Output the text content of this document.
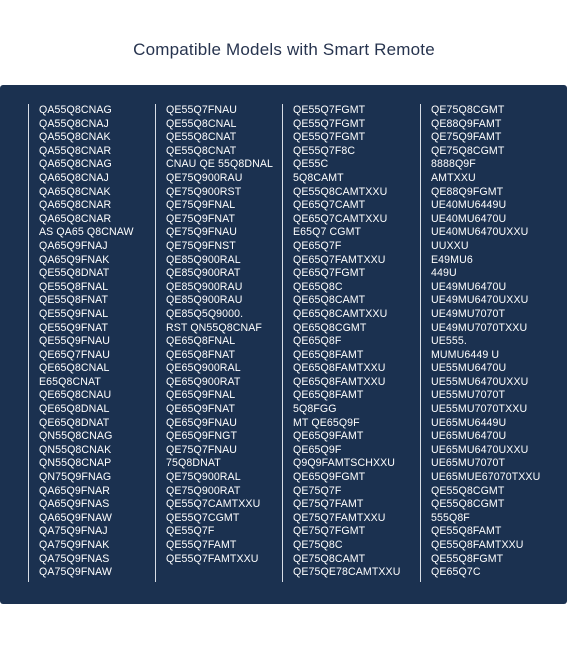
Compatible Models with Smart Remote
QA55Q8CNAG
QA55Q8CNAJ
QA55Q8CNAK
QA55Q8CNAR
QA65Q8CNAG
QA65Q8CNAJ
QA65Q8CNAK
QA65Q8CNAR
QA65Q8CNAR
AS QA65 Q8CNAW
QA65Q9FNAJ
QA65Q9FNAK
QE55Q8DNAT
QE55Q8FNAL
QE55Q8FNAT
QE55Q9FNAL
QE55Q9FNAT
QE55Q9FNAU
QE65Q7FNAU
QE65Q8CNAL
E65Q8CNAT
QE65Q8CNAU
QE65Q8DNAL
QE65Q8DNAT
QN55Q8CNAG
QN55Q8CNAK
QN55Q8CNAP
QN75Q9FNAG
QA65Q9FNAR
QA65Q9FNAS
QA65Q9FNAW
QA75Q9FNAJ
QA75Q9FNAK
QA75Q9FNAS
QA75Q9FNAW
QE55Q7FNAU
QE55Q8CNAL
QE55Q8CNAT
QE55Q8CNAT
CNAU QE 55Q8DNAL
QE75Q900RAU
QE75Q900RST
QE75Q9FNAL
QE75Q9FNAT
QE75Q9FNAU
QE75Q9FNST
QE85Q900RAL
QE85Q900RAT
QE85Q900RAU
QE85Q900RAU
QE85Q5Q9000.
RST QN55Q8CNAF
QE65Q8FNAL
QE65Q8FNAT
QE65Q900RAL
QE65Q900RAT
QE65Q9FNAL
QE65Q9FNAT
QE65Q9FNAU
QE65Q9FNGT
QE75Q7FNAU
75Q8DNAT
QE75Q900RAL
QE75Q900RAT
QE55Q7CAMTXXU
QE55Q7CGMT
QE55Q7F
QE55Q7FAMT
QE55Q7FAMTXXU
QE55Q7FGMT
QE55Q7FGMT
QE55Q7FGMT
QE55Q7F8C
QE55C
5Q8CAMT
QE55Q8CAMTXXU
QE65Q7CAMT
QE65Q7CAMTXXU
E65Q7 CGMT
QE65Q7F
QE65Q7FAMTXXU
QE65Q7FGMT
QE65Q8C
QE65Q8CAMT
QE65Q8CAMTXXU
QE65Q8CGMT
QE65Q8F
QE65Q8FAMT
QE65Q8FAMTXXU
QE65Q8FAMTXXU
QE65Q8FAMT
5Q8FGG
MT QE65Q9F
QE65Q9FAMT
QE65Q9F
Q9Q9FAMTSCHXXU
QE65Q9FGMT
QE75Q7F
QE75Q7FAMT
QE75Q7FAMTXXU
QE75Q7FGMT
QE75Q8C
QE75Q8CAMT
QE75QE78CAMTXXU
QE75Q8CGMT
QE88Q9FAMT
QE75Q9FAMT
QE75Q8CGMT
8888Q9F
AMTXXU
QE88Q9FGMT
UE40MU6449U
UE40MU6470U
UE40MU6470UXXU
UUXXU
E49MU6
449U
UE49MU6470U
UE49MU6470UXXU
UE49MU7070T
UE49MU7070TXXU
UE555.
MUMU6449 U
UE55MU6470U
UE55MU6470UXXU
UE55MU7070T
UE55MU7070TXXU
UE65MU6449U
UE65MU6470U
UE65MU6470UXXU
UE65MU7070T
UE65MUE67070TXXU
QE55Q8CGMT
QE55Q8CGMT
555Q8F
QE55Q8FAMT
QE55Q8FAMTXXU
QE55Q8FGMT
QE65Q7C
